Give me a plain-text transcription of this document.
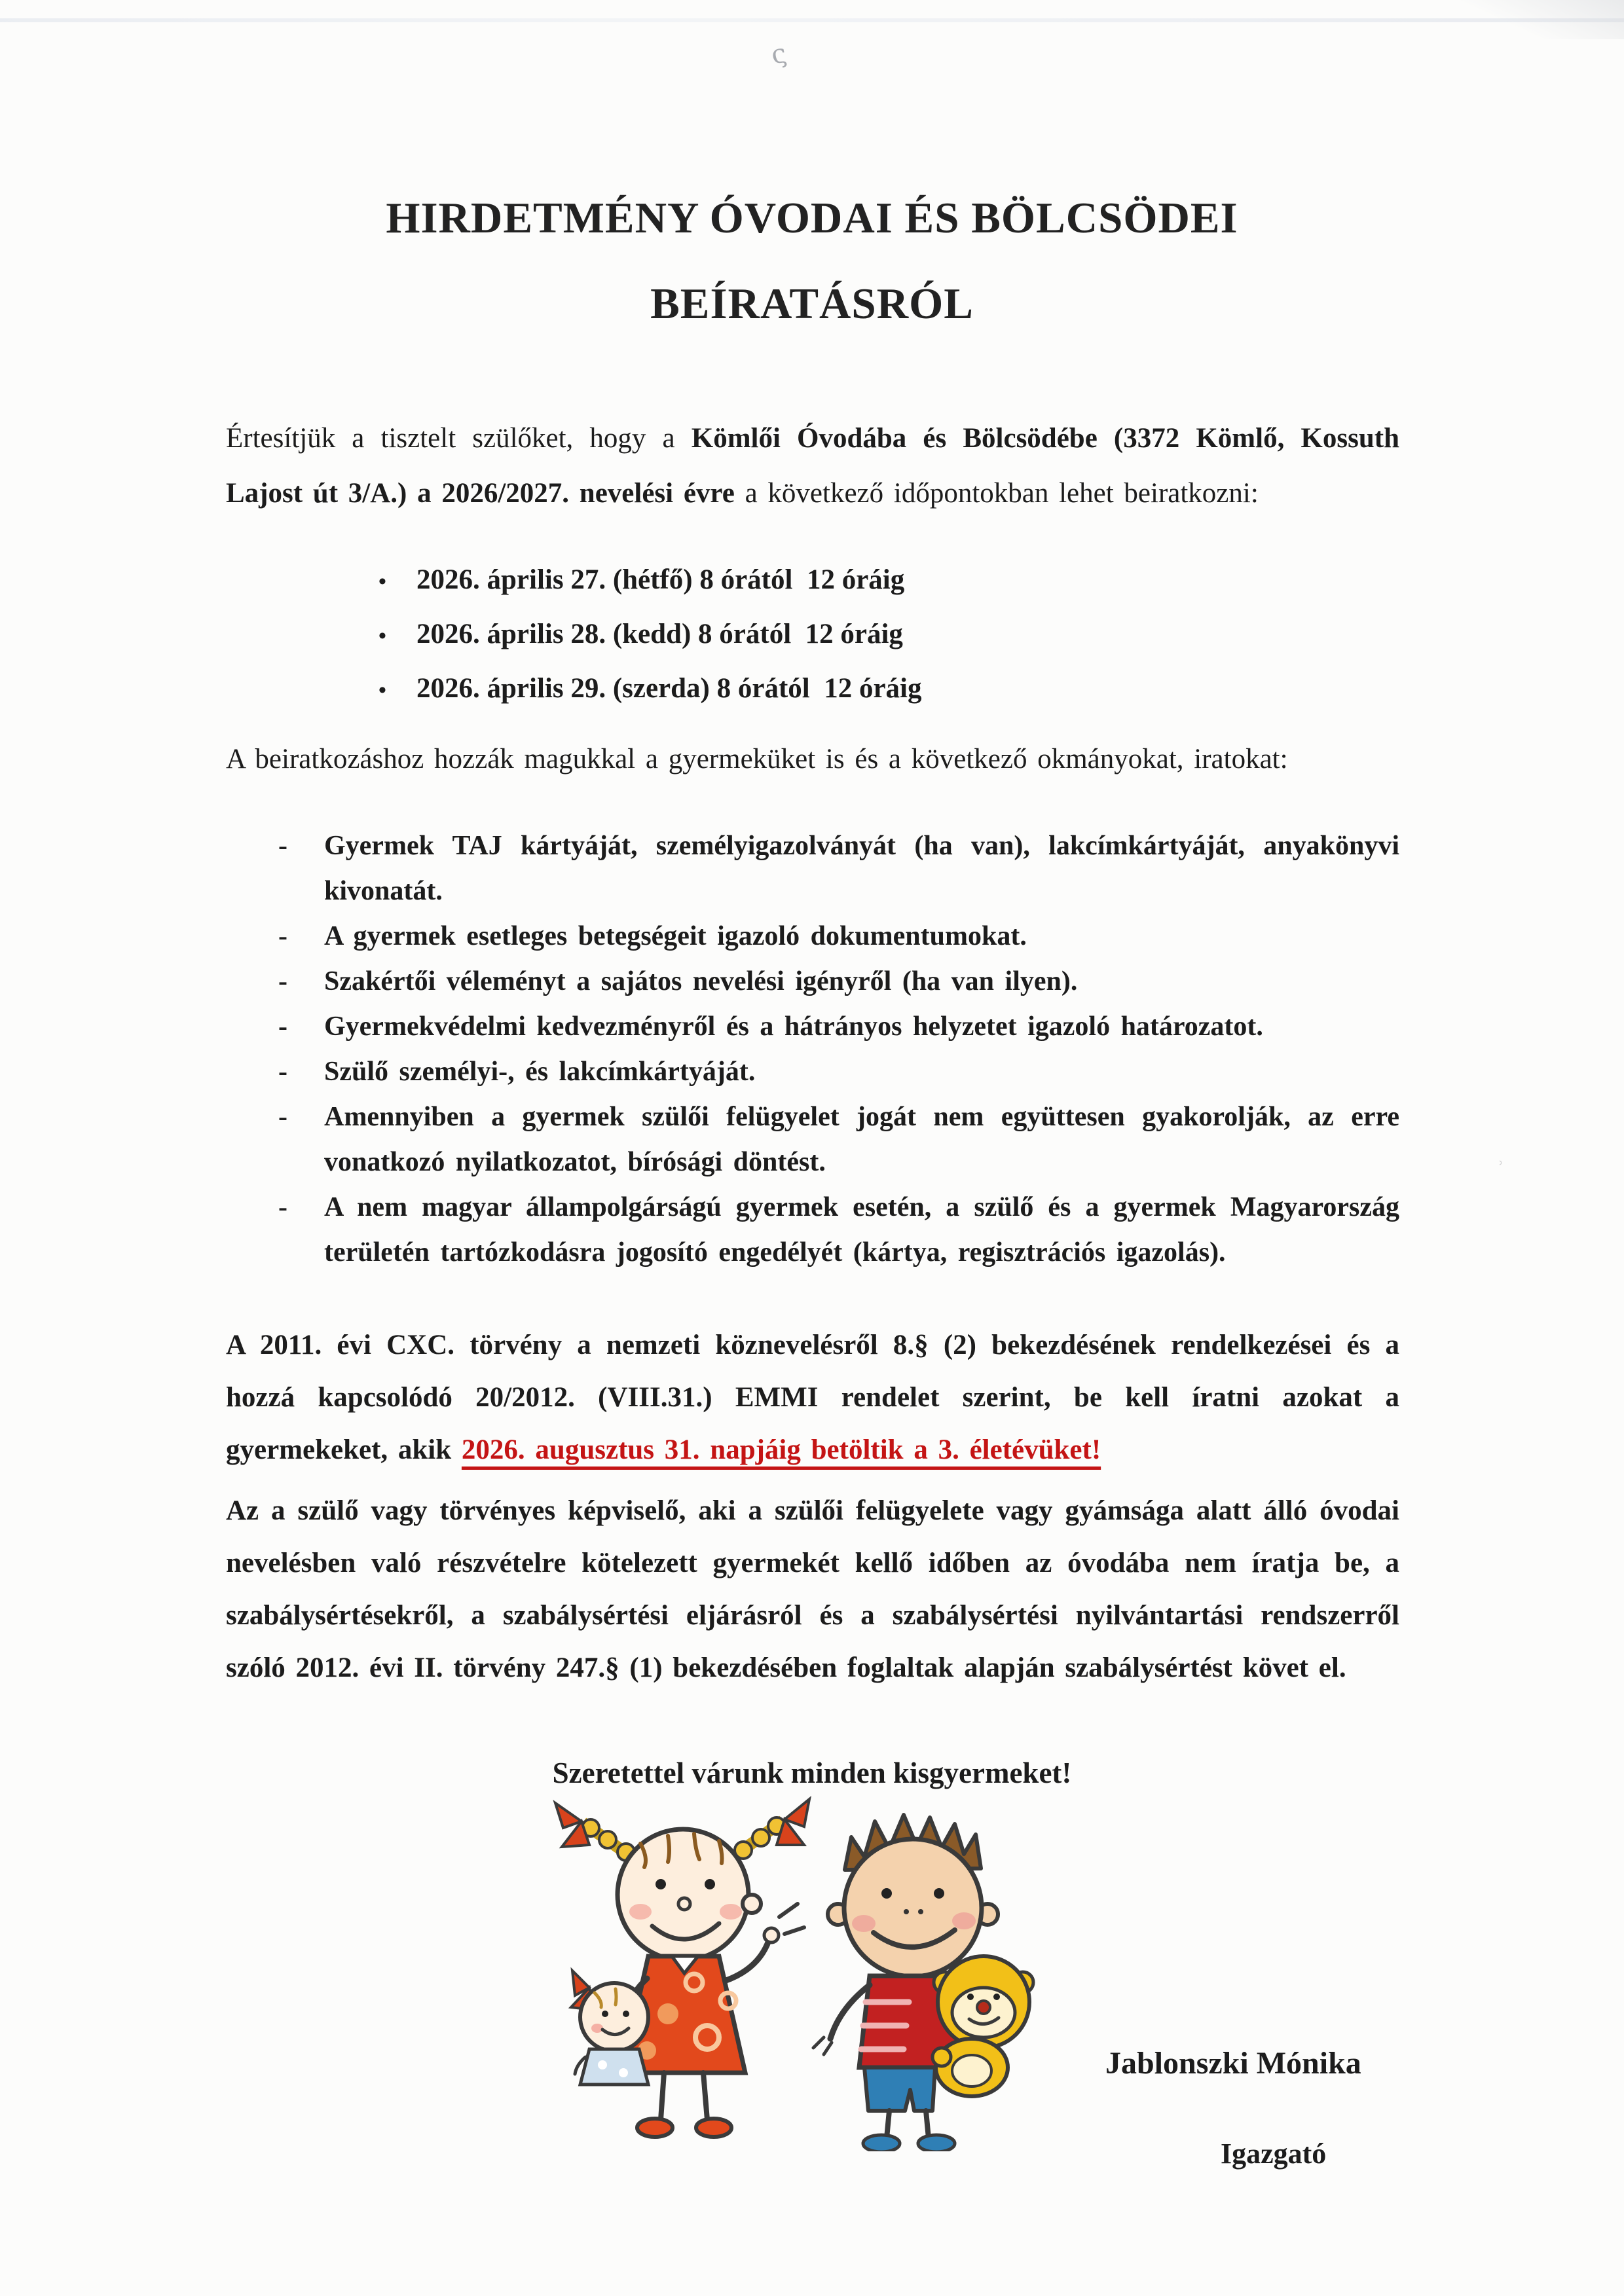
ς
˒
HIRDETMÉNY ÓVODAI ÉS BÖLCSÖDEI
BEÍRATÁSRÓL

Értesítjük a tisztelt szülőket, hogy a Kömlői Óvodába és Bölcsödébe (3372 Kömlő, Kossuth Lajost út 3/A.) a 2026/2027. nevelési évre a következő időpontokban lehet beiratkozni:

•	2026. április 27. (hétfő) 8 órától  12 óráig
•	2026. április 28. (kedd) 8 órától  12 óráig
•	2026. április 29. (szerda) 8 órától  12 óráig

A beiratkozáshoz hozzák magukkal a gyermeküket is és a következő okmányokat, iratokat:

-	Gyermek TAJ kártyáját, személyigazolványát (ha van), lakcímkártyáját, anyakönyvi kivonatát.
-	A gyermek esetleges betegségeit igazoló dokumentumokat.
-	Szakértői véleményt a sajátos nevelési igényről (ha van ilyen).
-	Gyermekvédelmi kedvezményről és a hátrányos helyzetet igazoló határozatot.
-	Szülő személyi-, és lakcímkártyáját.
-	Amennyiben a gyermek szülői felügyelet jogát nem együttesen gyakorolják, az erre vonatkozó nyilatkozatot, bírósági döntést.
-	A nem magyar állampolgárságú gyermek esetén, a szülő és a gyermek Magyarország területén tartózkodásra jogosító engedélyét (kártya, regisztrációs igazolás).

A 2011. évi CXC. törvény a nemzeti köznevelésről 8.§ (2) bekezdésének rendelkezései és a hozzá kapcsolódó 20/2012. (VIII.31.) EMMI rendelet szerint, be kell íratni azokat a gyermekeket, akik 2026. augusztus 31. napjáig betöltik a 3. életévüket!

Az a szülő vagy törvényes képviselő, aki a szülői felügyelete vagy gyámsága alatt álló óvodai nevelésben való részvételre kötelezett gyermekét kellő időben az óvodába nem íratja be, a szabálysértésekről, a szabálysértési eljárásról és a szabálysértési nyilvántartási rendszerről szóló 2012. évi II. törvény 247.§ (1) bekezdésében foglaltak alapján szabálysértést követ el.

Szeretettel várunk minden kisgyermeket!

Jablonszki Mónika
Igazgató
